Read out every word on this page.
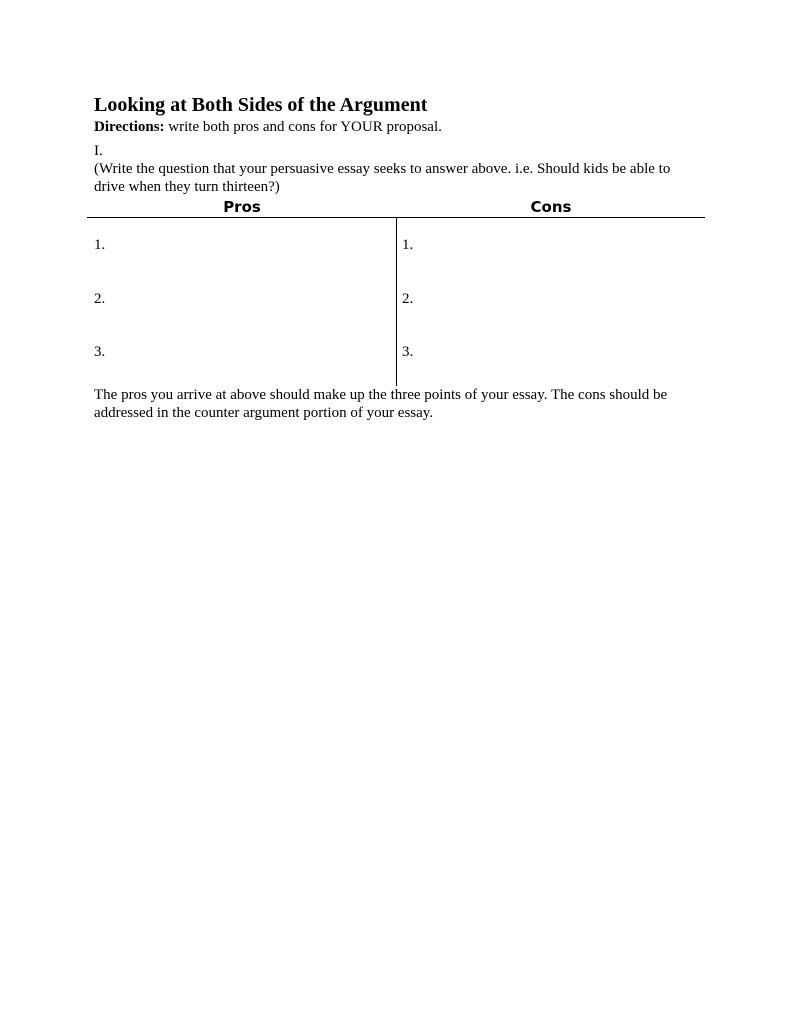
Looking at Both Sides of the Argument
Directions: write both pros and cons for YOUR proposal.
I.
(Write the question that your persuasive essay seeks to answer above. i.e. Should kids be able to drive when they turn thirteen?)
Pros	Cons
1.
2.
3.
1.
2.
3.
The pros you arrive at above should make up the three points of your essay. The cons should be addressed in the counter argument portion of your essay.
